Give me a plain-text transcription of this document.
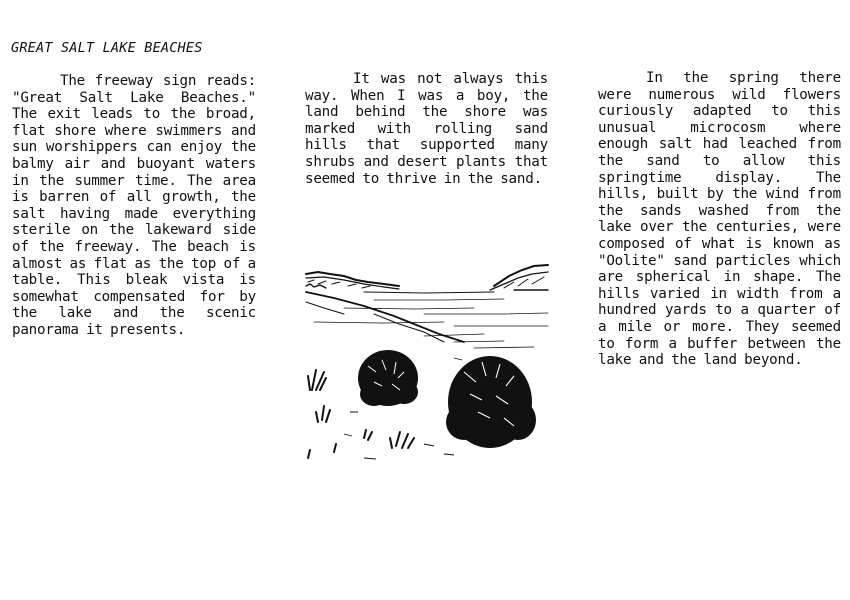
GREAT SALT LAKE BEACHES

The freeway sign reads: "Great Salt Lake Beaches." The exit leads to the broad, flat shore where swimmers and sun worshippers can enjoy the balmy air and buoyant waters in the summer time. The area is barren of all growth, the salt having made everything sterile on the lakeward side of the freeway. The beach is almost as flat as the top of a table. This bleak vista is somewhat compensated for by the lake and the scenic panorama it presents.

It was not always this way. When I was a boy, the land behind the shore was marked with rolling sand hills that supported many shrubs and desert plants that seemed to thrive in the sand.

In the spring there were numerous wild flowers curiously adapted to this unusual microcosm where enough salt had leached from the sand to allow this springtime display. The hills, built by the wind from the sands washed from the lake over the centuries, were composed of what is known as "Oolite" sand particles which are spherical in shape. The hills varied in width from a hundred yards to a quarter of a mile or more. They seemed to form a buffer between the lake and the land beyond.
